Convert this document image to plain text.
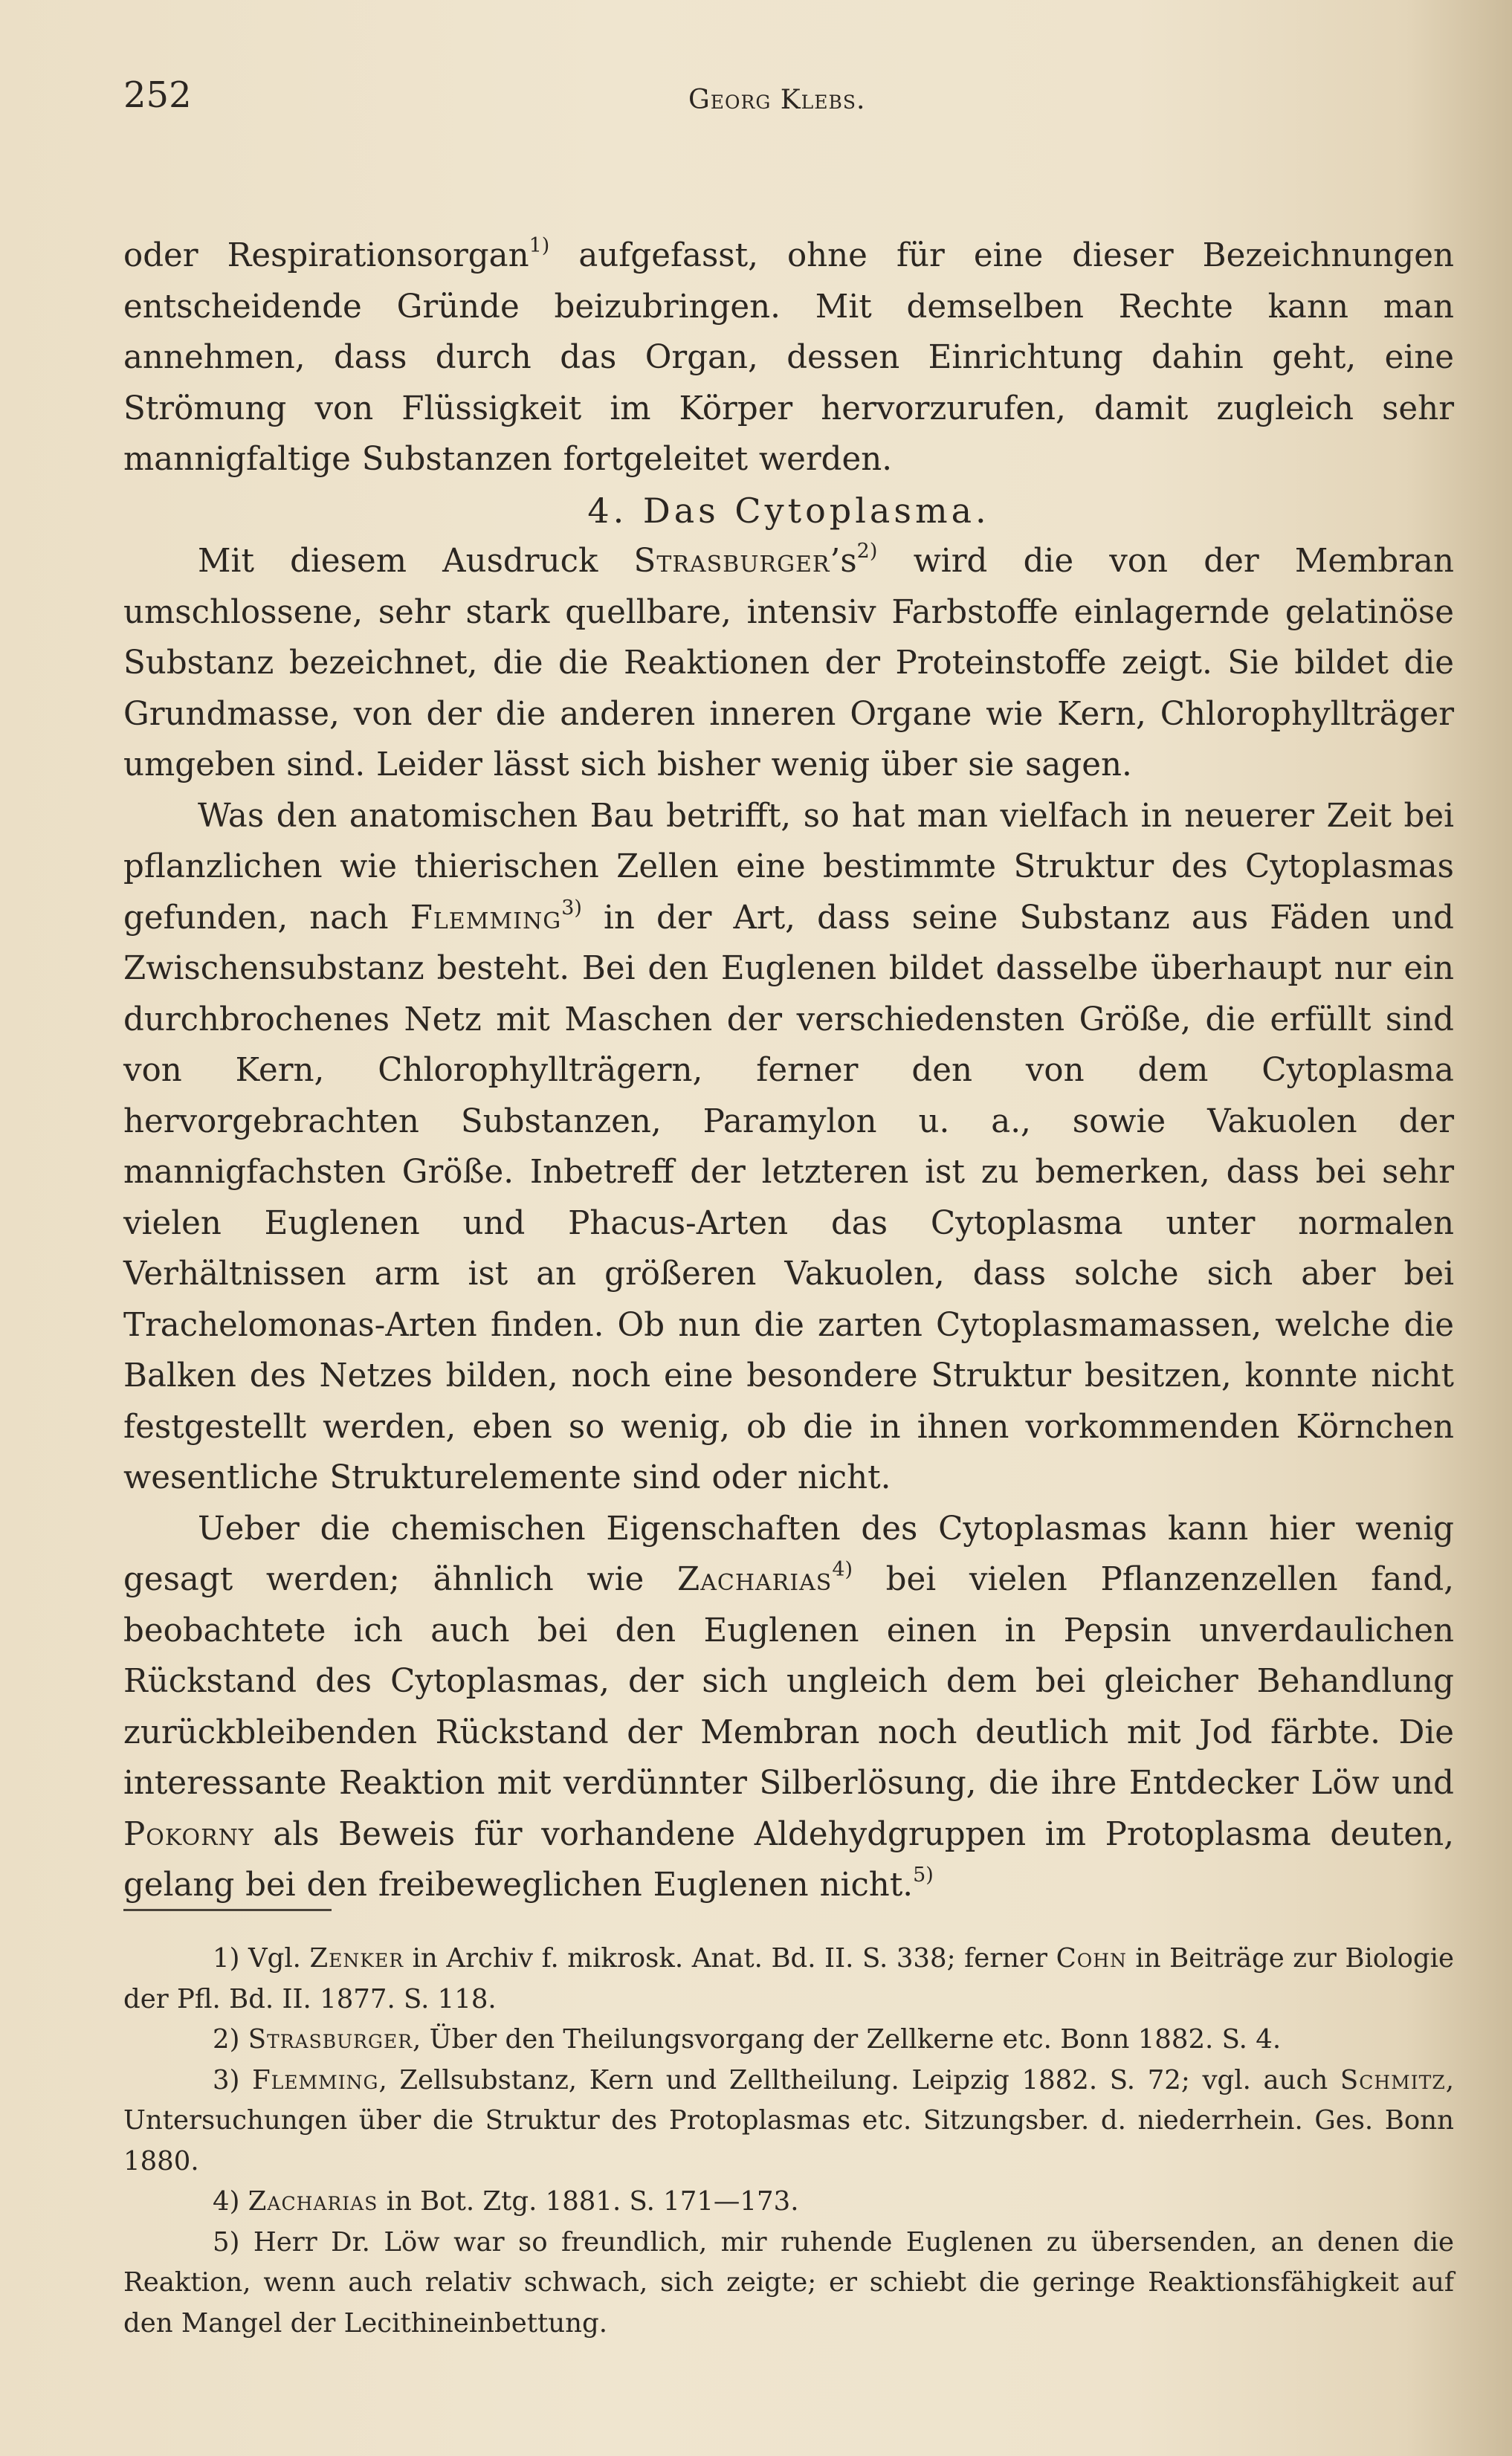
252	Georg Klebs.

oder Respirationsorgan$^{1)}$ aufgefasst, ohne für eine dieser Bezeichnungen entscheidende Gründe beizubringen. Mit demselben Rechte kann man annehmen, dass durch das Organ, dessen Einrichtung dahin geht, eine Strömung von Flüssigkeit im Körper hervorzurufen, damit zugleich sehr mannigfaltige Substanzen fortgeleitet werden.

4. Das Cytoplasma.

Mit diesem Ausdruck $Strasburger’s^{2)}$ wird die von der Membran umschlossene, sehr stark quellbare, intensiv Farbstoffe einlagernde gelatinöse Substanz bezeichnet, die die Reaktionen der Proteinstoffe zeigt. Sie bildet die Grundmasse, von der die anderen inneren Organe wie Kern, Chlorophyllträger umgeben sind. Leider lässt sich bisher wenig über sie sagen.

Was den anatomischen Bau betrifft, so hat man vielfach in neuerer Zeit bei pflanzlichen wie thierischen Zellen eine bestimmte Struktur des Cytoplasmas gefunden, nach Flemming$^{3)}$ in der Art, dass seine Substanz aus Fäden und Zwischensubstanz besteht. Bei den Euglenen bildet dasselbe überhaupt nur ein durchbrochenes Netz mit Maschen der verschiedensten Größe, die erfüllt sind von Kern, Chlorophyllträgern, ferner den von dem Cytoplasma hervorgebrachten Substanzen, Paramylon u. a., sowie Vakuolen der mannigfachsten Größe. Inbetreff der letzteren ist zu bemerken, dass bei sehr vielen Euglenen und Phacus-Arten das Cytoplasma unter normalen Verhältnissen arm ist an größeren Vakuolen, dass solche sich aber bei Trachelomonas-Arten finden. Ob nun die zarten Cytoplasmamassen, welche die Balken des Netzes bilden, noch eine besondere Struktur besitzen, konnte nicht festgestellt werden, eben so wenig, ob die in ihnen vorkommenden Körnchen wesentliche Strukturelemente sind oder nicht.

Ueber die chemischen Eigenschaften des Cytoplasmas kann hier wenig gesagt werden; ähnlich wie Zacharias$^{4)}$ bei vielen Pflanzenzellen fand, beobachtete ich auch bei den Euglenen einen in Pepsin unverdaulichen Rückstand des Cytoplasmas, der sich ungleich dem bei gleicher Behandlung zurückbleibenden Rückstand der Membran noch deutlich mit Jod färbte. Die interessante Reaktion mit verdünnter Silberlösung, die ihre Entdecker Löw und Pokorny als Beweis für vorhandene Aldehydgruppen im Protoplasma deuten, gelang bei den freibeweglichen Euglenen nicht.$^{5)}$

1) Vgl. Zenker in Archiv f. mikrosk. Anat. Bd. II. S. 338; ferner Cohn in Beiträge zur Biologie der Pfl. Bd. II. 1877. S. 118.

2) Strasburger, Über den Theilungsvorgang der Zellkerne etc. Bonn 1882. S. 4.

3) Flemming, Zellsubstanz, Kern und Zelltheilung. Leipzig 1882. S. 72; vgl. auch Schmitz, Untersuchungen über die Struktur des Protoplasmas etc. Sitzungsber. d. niederrhein. Ges. Bonn 1880.

4) Zacharias in Bot. Ztg. 1881. S. 171—173.

5) Herr Dr. Löw war so freundlich, mir ruhende Euglenen zu übersenden, an denen die Reaktion, wenn auch relativ schwach, sich zeigte; er schiebt die geringe Reaktionsfähigkeit auf den Mangel der Lecithineinbettung.
